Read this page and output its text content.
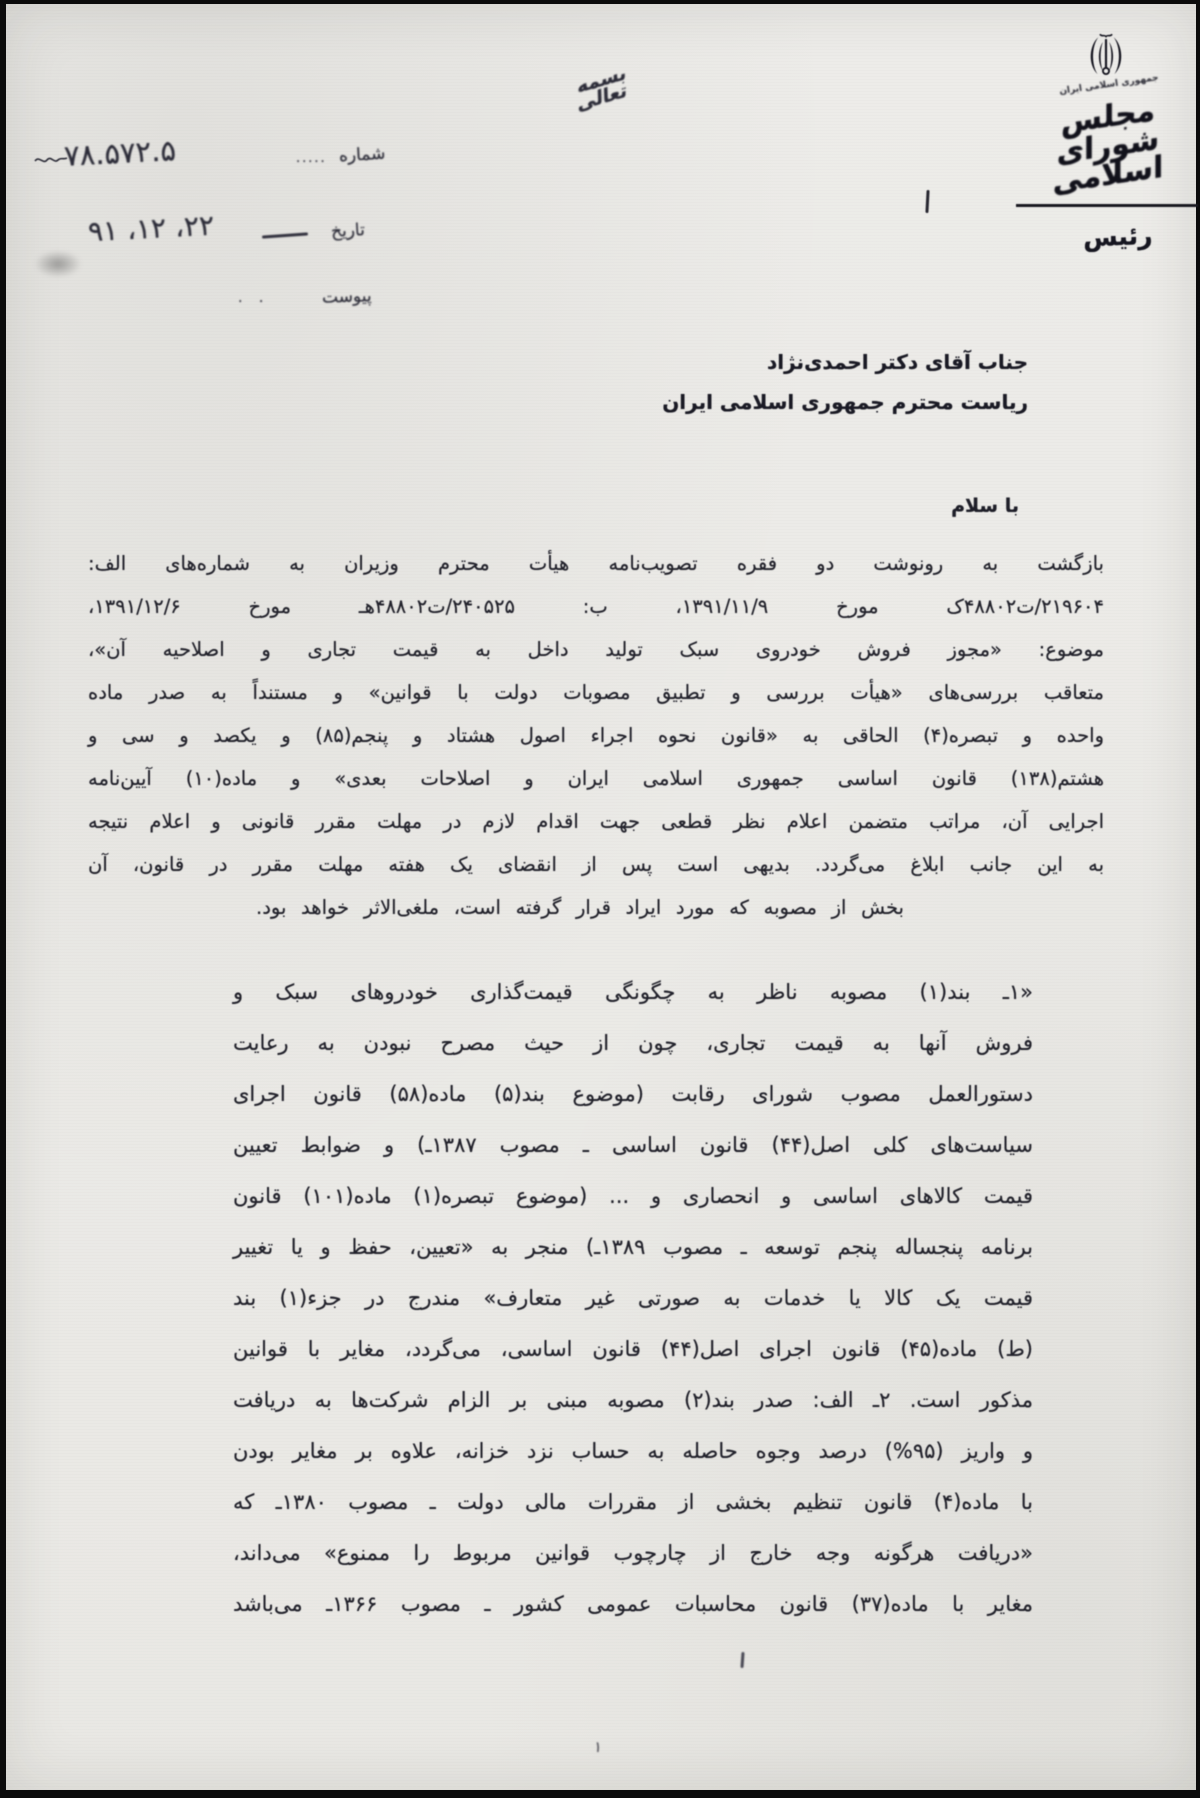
جمهوری اسلامی ایران
مجلس شورای اسلامی
رئیس
بسمه تعالی
شماره
·····
۷۸.۵۷۲.۵
تاریخ
۹۱ ،۱۲ ،۲۲
پیوست
· ·
جناب آقای دکتر احمدی‌نژاد
ریاست محترم جمهوری اسلامی ایران
با سلام
بازگشت به رونوشت دو فقره تصویب‌نامه هیأت محترم وزیران به شماره‌های الف:
۲۱۹۶۰۴/ت۴۸۸۰۲ک مورخ ۱۳۹۱/۱۱/۹، ب: ۲۴۰۵۲۵/ت۴۸۸۰۲هـ مورخ ۱۳۹۱/۱۲/۶،
موضوع: «مجوز فروش خودروی سبک تولید داخل به قیمت تجاری و اصلاحیه آن»،
متعاقب بررسی‌های «هیأت بررسی و تطبیق مصوبات دولت با قوانین» و مستنداً به صدر ماده
واحده و تبصره(۴) الحاقی به «قانون نحوه اجراء اصول هشتاد و پنجم(۸۵) و یکصد و سی و
هشتم(۱۳۸) قانون اساسی جمهوری اسلامی ایران و اصلاحات بعدی» و ماده(۱۰) آیین‌نامه
اجرایی آن، مراتب متضمن اعلام نظر قطعی جهت اقدام لازم در مهلت مقرر قانونی و اعلام نتیجه
به این جانب ابلاغ می‌گردد. بدیهی است پس از انقضای یک هفته مهلت مقرر در قانون، آن
بخش از مصوبه که مورد ایراد قرار گرفته است، ملغی‌الاثر خواهد بود.
«۱ـ بند(۱) مصوبه ناظر به چگونگی قیمت‌گذاری خودروهای سبک و
فروش آنها به قیمت تجاری، چون از حیث مصرح نبودن به رعایت
دستورالعمل مصوب شورای رقابت (موضوع بند(۵) ماده(۵۸) قانون اجرای
سیاست‌های کلی اصل(۴۴) قانون اساسی ـ مصوب ۱۳۸۷ـ) و ضوابط تعیین
قیمت کالاهای اساسی و انحصاری و ... (موضوع تبصره(۱) ماده(۱۰۱) قانون
برنامه پنجساله پنجم توسعه ـ مصوب ۱۳۸۹ـ) منجر به «تعیین، حفظ و یا تغییر
قیمت یک کالا یا خدمات به صورتی غیر متعارف» مندرج در جزء(۱) بند
(ط) ماده(۴۵) قانون اجرای اصل(۴۴) قانون اساسی، می‌گردد، مغایر با قوانین
مذکور است. ۲ـ الف: صدر بند(۲) مصوبه مبنی بر الزام شرکت‌ها به دریافت
و واریز (۹۵%) درصد وجوه حاصله به حساب نزد خزانه، علاوه بر مغایر بودن
با ماده(۴) قانون تنظیم بخشی از مقررات مالی دولت ـ مصوب ۱۳۸۰ـ که
«دریافت هرگونه وجه خارج از چارچوب قوانین مربوط را ممنوع» می‌داند،
مغایر با ماده(۳۷) قانون محاسبات عمومی کشور ـ مصوب ۱۳۶۶ـ می‌باشد
۱
